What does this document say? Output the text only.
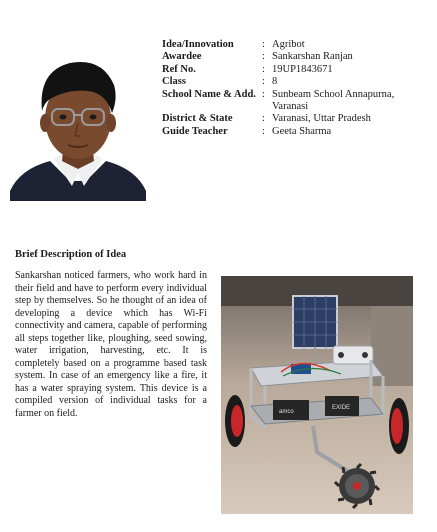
Idea/Innovation	: Agribot
Awardee	: Sankarshan Ranjan
Ref No.	: 19UP1843671
Class	: 8
School Name & Add. : Sunbeam School Annapurna, Varanasi
District & State	: Varanasi, Uttar Pradesh
Guide Teacher	: Geeta Sharma
Brief Description of Idea

Sankarshan noticed farmers, who work hard in their field and have to perform every individual step by themselves. So he thought of an idea of developing a device which has Wi-Fi connectivity and camera, capable of performing all steps together like, ploughing, seed sowing, water irrigation, harvesting, etc. It is completely based on a programme based task system. In case of an emergency like a fire, it has a water spraying system. This device is a compiled version of individual tasks for a farmer on field.	amco
EXIDE
